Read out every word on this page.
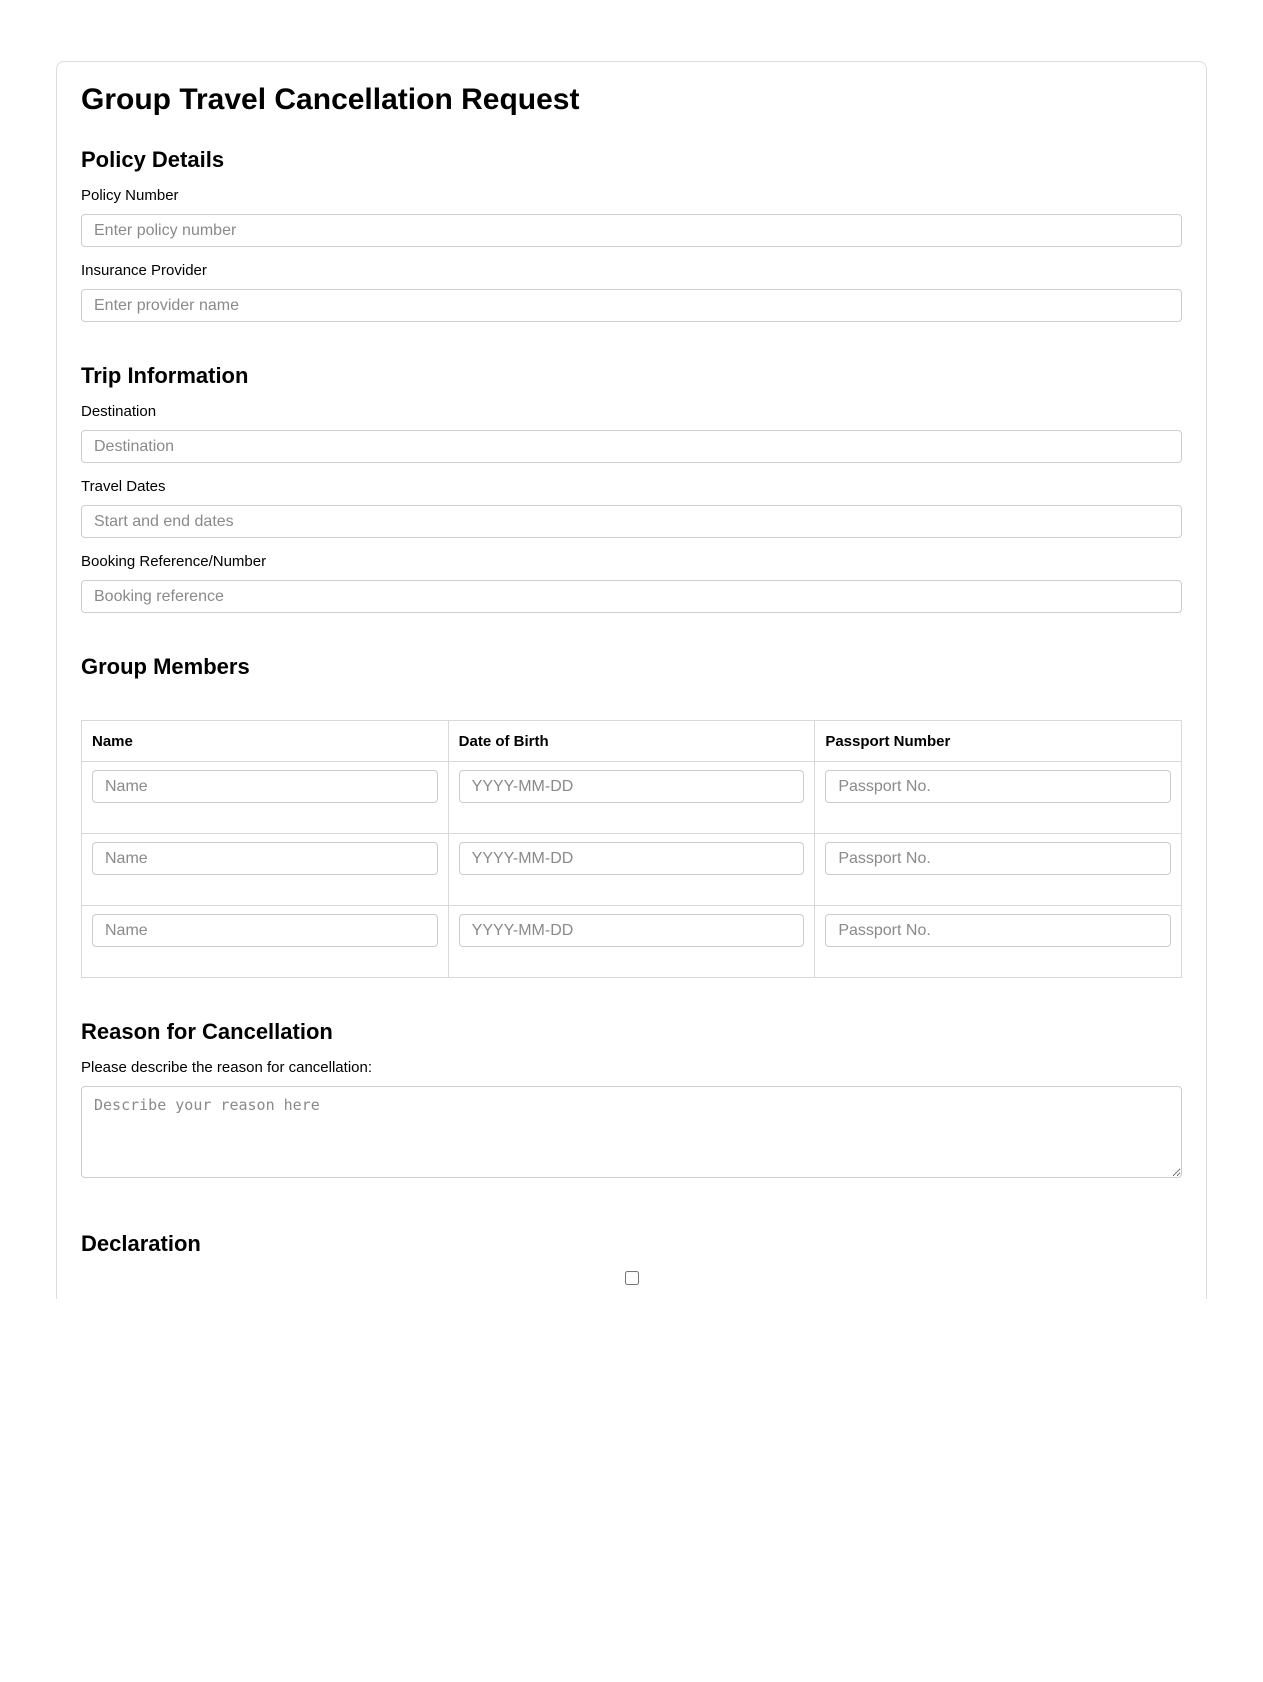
Group Travel Cancellation Request
Policy Details
Policy Number
Enter policy number
Insurance Provider
Enter provider name
Trip Information
Destination
Destination
Travel Dates
Start and end dates
Booking Reference/Number
Booking reference
Group Members
Name	Date of Birth	Passport Number

Name	
YYYY-MM-DD	
Passport No.

Name	
YYYY-MM-DD	
Passport No.

Name	
YYYY-MM-DD	
Passport No.
Reason for Cancellation
Please describe the reason for cancellation:
Describe your reason here
Declaration
